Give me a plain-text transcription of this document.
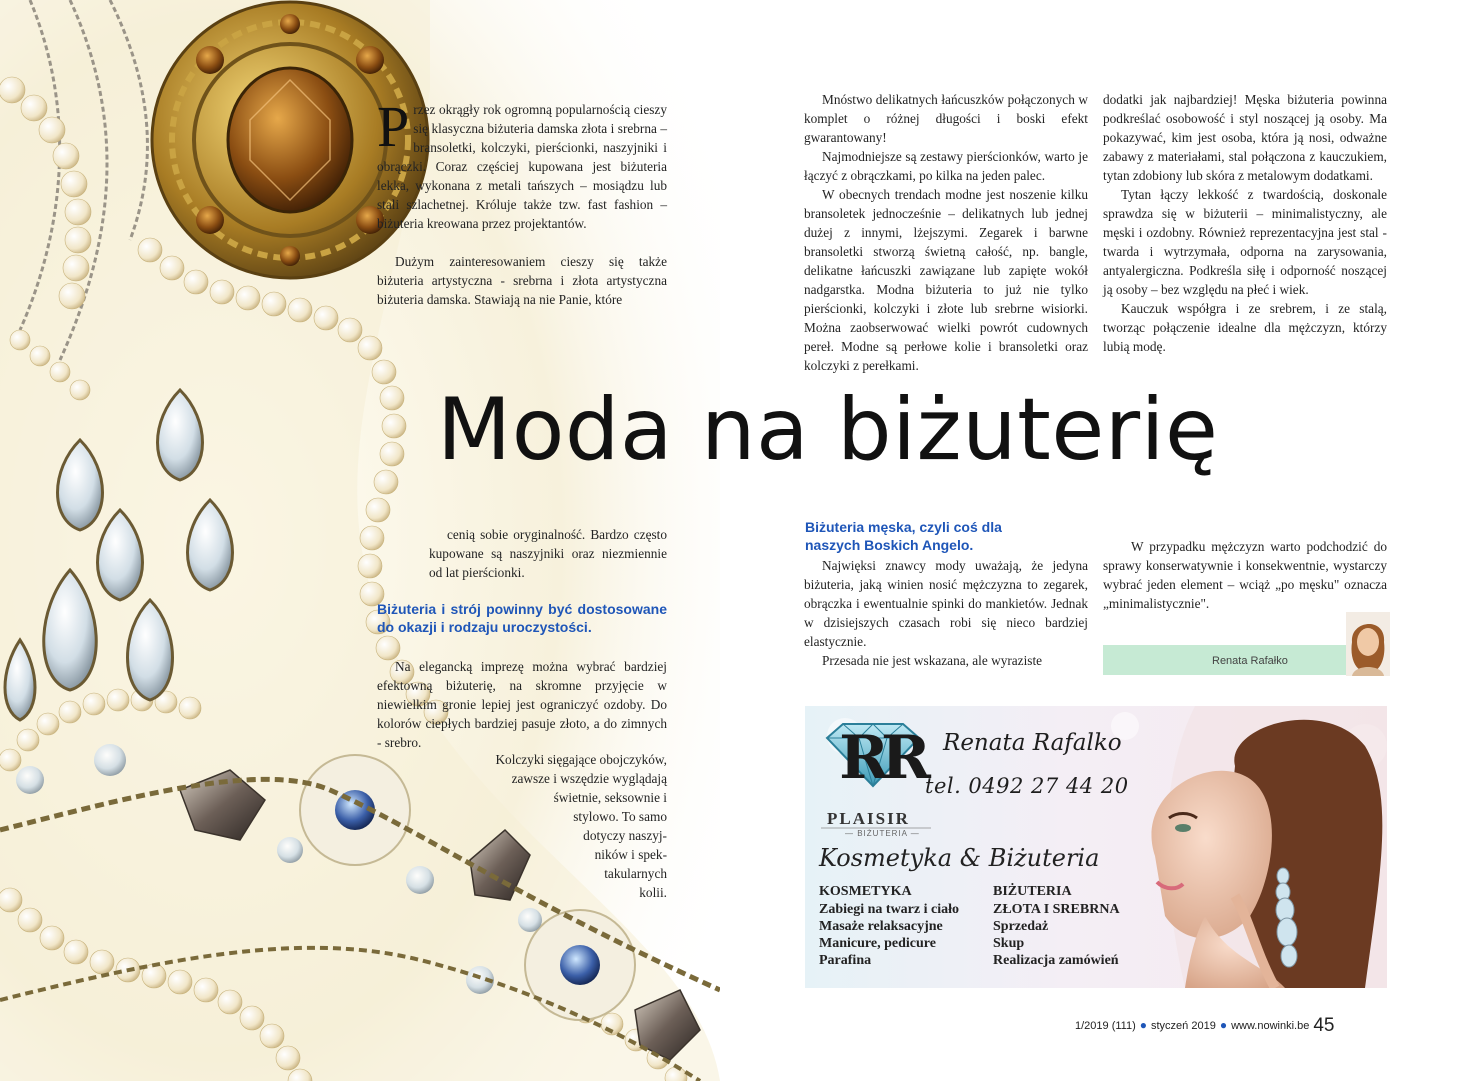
P rzez okrągły rok ogromną popularnością cieszy się klasyczna biżuteria damska złota i srebrna – bransoletki, kolczyki, pierścionki, naszyjniki i obrączki. Coraz częściej kupowana jest biżuteria lekka, wykonana z metali tańszych – mosiądzu lub stali szlachetnej. Króluje także tzw. fast fashion – biżuteria kreowana przez projektantów.

Dużym zainteresowaniem cieszy się także biżuteria artystyczna - srebrna i złota artystyczna biżuteria damska. Stawiają na nie Panie, które

Mnóstwo delikatnych łańcuszków połączonych w komplet o różnej długości i boski efekt gwarantowany!

Najmodniejsze są zestawy pierścionków, warto je łączyć z obrączkami, po kilka na jeden palec.

W obecnych trendach modne jest noszenie kilku bransoletek jednocześnie – delikatnych lub jednej dużej z innymi, lżejszymi. Zegarek i barwne bransoletki stworzą świetną całość, np. bangle, delikatne łańcuszki zawiązane lub zapięte wokół nadgarstka. Modna biżuteria to już nie tylko pierścionki, kolczyki i złote lub srebrne wisiorki. Można zaobserwować wielki powrót cudownych pereł. Modne są perłowe kolie i bransoletki oraz kolczyki z perełkami.

dodatki jak najbardziej! Męska biżuteria powinna podkreślać osobowość i styl noszącej ją osoby. Ma pokazywać, kim jest osoba, która ją nosi, odważne zabawy z materiałami, stal połączona z kauczukiem, tytan zdobiony lub skóra z metalowym dodatkami.

Tytan łączy lekkość z twardością, doskonale sprawdza się w biżuterii – minimalistyczny, ale męski i ozdobny. Również reprezentacyjna jest stal - twarda i wytrzymała, odporna na zarysowania, antyalergiczna. Podkreśla siłę i odporność noszącej ją osoby – bez względu na płeć i wiek.

Kauczuk współgra i ze srebrem, i ze stalą, tworząc połączenie idealne dla mężczyzn, którzy lubią modę.

Moda na biżuterię

cenią sobie oryginalność. Bardzo często kupowane są naszyjniki oraz niezmiennie od lat pierścionki.

Biżuteria i strój powinny być dostosowane do okazji i rodzaju uroczystości.

Na elegancką imprezę można wybrać bardziej efektowną biżuterię, na skromne przyjęcie w niewielkim gronie lepiej jest ograniczyć ozdoby. Do kolorów ciepłych bardziej pasuje złoto, a do zimnych - srebro.

Kolczyki sięgające obojczyków,
zawsze i wszędzie wyglądają
świetnie, seksownie i
stylowo. To samo
dotyczy naszyj-
ników i spek-
takularnych
kolii.
Biżuteria męska, czyli coś dla naszych Boskich Angelo.

Najwięksi znawcy mody uważają, że jedyna biżuteria, jaką winien nosić mężczyzna to zegarek, obrączka i ewentualnie spinki do mankietów. Jednak w dzisiejszych czasach robi się nieco bardziej elastycznie.

Przesada nie jest wskazana, ale wyraziste

W przypadku mężczyzn warto podchodzić do sprawy konserwatywnie i konsekwentnie, wystarczy wybrać jeden element – wciąż „po męsku" oznacza „minimalistycznie".

Renata Rafałko
RR
PLAISIR
— BIŻUTERIA —
Renata Rafalko
tel. 0492 27 44 20
Kosmetyka & Biżuteria
KOSMETYKA
Zabiegi na twarz i ciało
Masaże relaksacyjne
Manicure, pedicure
Parafina
BIŻUTERIA
ZŁOTA I SREBRNA
Sprzedaż
Skup
Realizacja zamówień
1/2019 (111) ● styczeń 2019 ● www.nowinki.be 45
